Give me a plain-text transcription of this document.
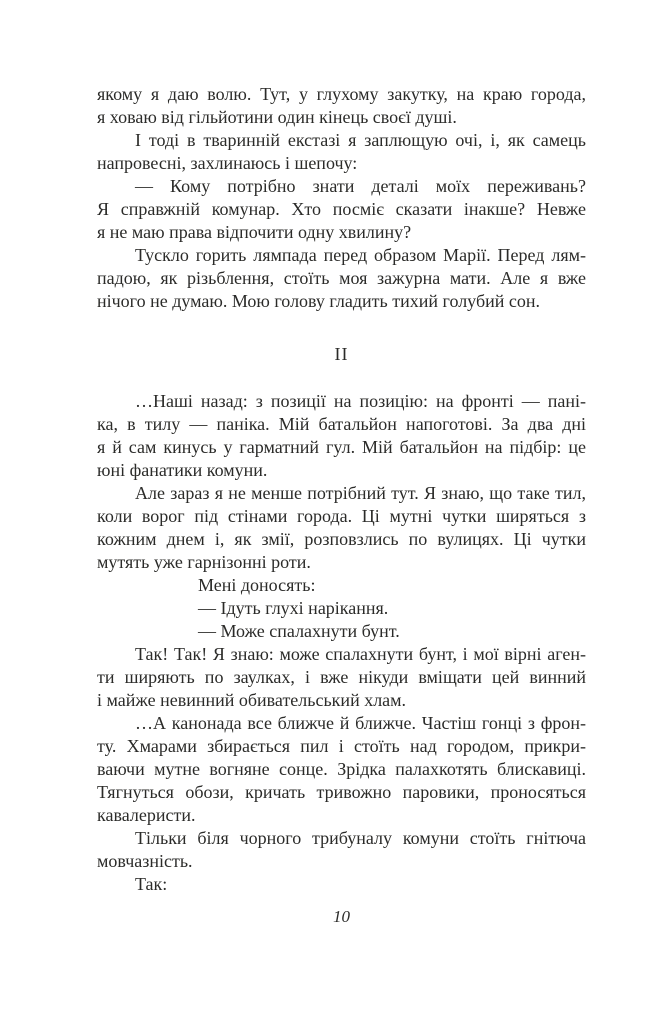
якому я даю волю. Тут, у глухому закутку, на краю города,
я ховаю від гільйотини один кінець своєї душі.
І тоді в тваринній екстазі я заплющую очі, і, як самець
напровесні, захлинаюсь і шепочу:
— Кому потрібно знати деталі моїх переживань?
Я справжній комунар. Хто посміє сказати інакше? Невже
я не маю права відпочити одну хвилину?
Тускло горить лямпада перед образом Марії. Перед лям-
падою, як різьблення, стоїть моя зажурна мати. Але я вже
нічого не думаю. Мою голову гладить тихий голубий сон.
II
…Наші назад: з позиції на позицію: на фронті — пані-
ка, в тилу — паніка. Мій батальйон напоготові. За два дні
я й сам кинусь у гарматний гул. Мій батальйон на підбір: це
юні фанатики комуни.
Але зараз я не менше потрібний тут. Я знаю, що таке тил,
коли ворог під стінами города. Ці мутні чутки ширяться з
кожним днем і, як змії, розповзлись по вулицях. Ці чутки
мутять уже гарнізонні роти.
Мені доносять:
— Ідуть глухі нарікання.
— Може спалахнути бунт.
Так! Так! Я знаю: може спалахнути бунт, і мої вірні аген-
ти ширяють по заулках, і вже нікуди вміщати цей винний
і майже невинний обивательський хлам.
…А канонада все ближче й ближче. Частіш гонці з фрон-
ту. Хмарами збирається пил і стоїть над городом, прикри-
ваючи мутне вогняне сонце. Зрідка палахкотять блискавиці.
Тягнуться обози, кричать тривожно паровики, проносяться
кавалеристи.
Тільки біля чорного трибуналу комуни стоїть гнітюча
мовчазність.
Так:
10
